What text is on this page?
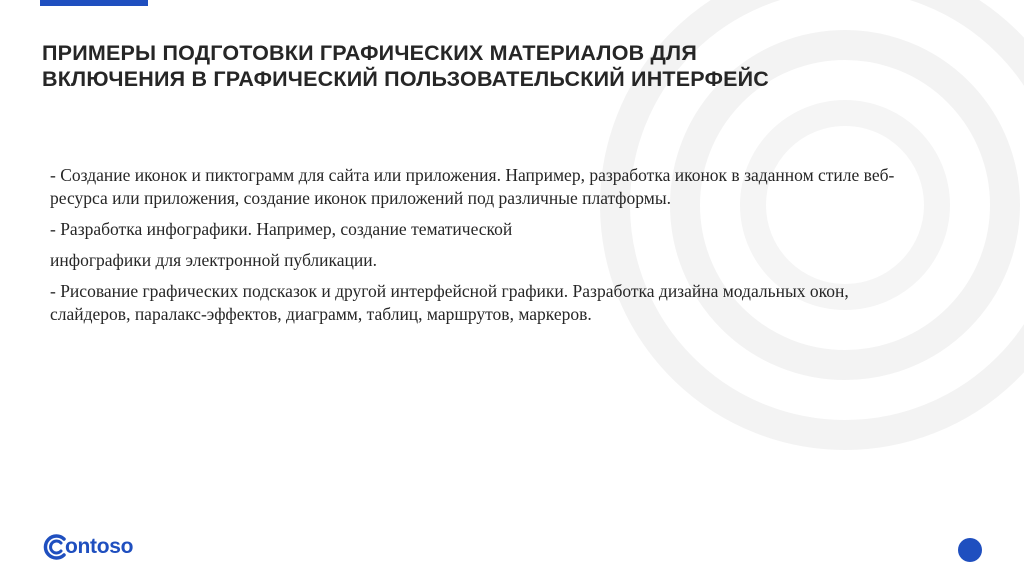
ПРИМЕРЫ ПОДГОТОВКИ ГРАФИЧЕСКИХ МАТЕРИАЛОВ ДЛЯ
ВКЛЮЧЕНИЯ В ГРАФИЧЕСКИЙ ПОЛЬЗОВАТЕЛЬСКИЙ ИНТЕРФЕЙС

- Создание иконок и пиктограмм для сайта или приложения. Например, разработка иконок в заданном стиле веб-ресурса или приложения, создание иконок приложений под различные платформы.

- Разработка инфографики. Например, создание тематической

инфографики для электронной публикации.

- Рисование графических подсказок и другой интерфейсной графики. Разработка дизайна модальных окон, слайдеров, паралакс-эффектов, диаграмм, таблиц, маршрутов, маркеров.

ontoso
